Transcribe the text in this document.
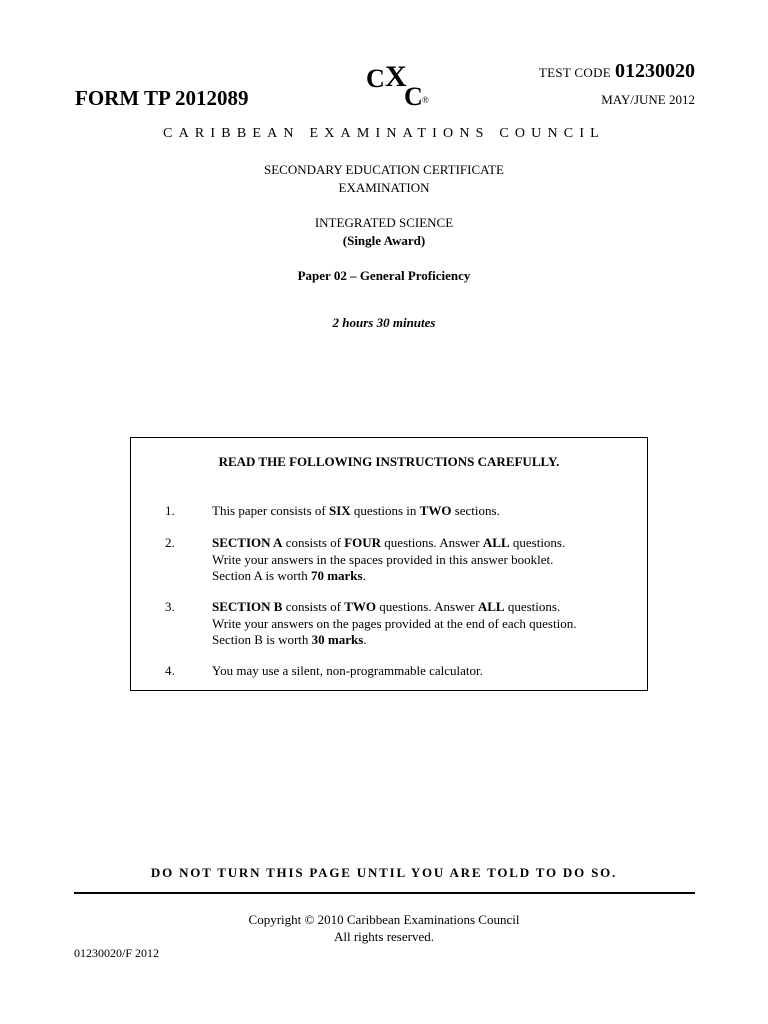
FORM TP 2012089
C X
C ®
TEST CODE 01230020
MAY/JUNE 2012
CARIBBEAN EXAMINATIONS COUNCIL
SECONDARY EDUCATION CERTIFICATE
EXAMINATION
INTEGRATED SCIENCE
(Single Award)
Paper 02 – General Proficiency
2 hours 30 minutes
READ THE FOLLOWING INSTRUCTIONS CAREFULLY.
1.	This paper consists of SIX questions in TWO sections.
2.	SECTION A consists of FOUR questions. Answer ALL questions.
Write your answers in the spaces provided in this answer booklet.
Section A is worth 70 marks.
3.	SECTION B consists of TWO questions. Answer ALL questions.
Write your answers on the pages provided at the end of each question.
Section B is worth 30 marks.
4.	You may use a silent, non-programmable calculator.
DO NOT TURN THIS PAGE UNTIL YOU ARE TOLD TO DO SO.
Copyright © 2010 Caribbean Examinations Council
All rights reserved.
01230020/F 2012
